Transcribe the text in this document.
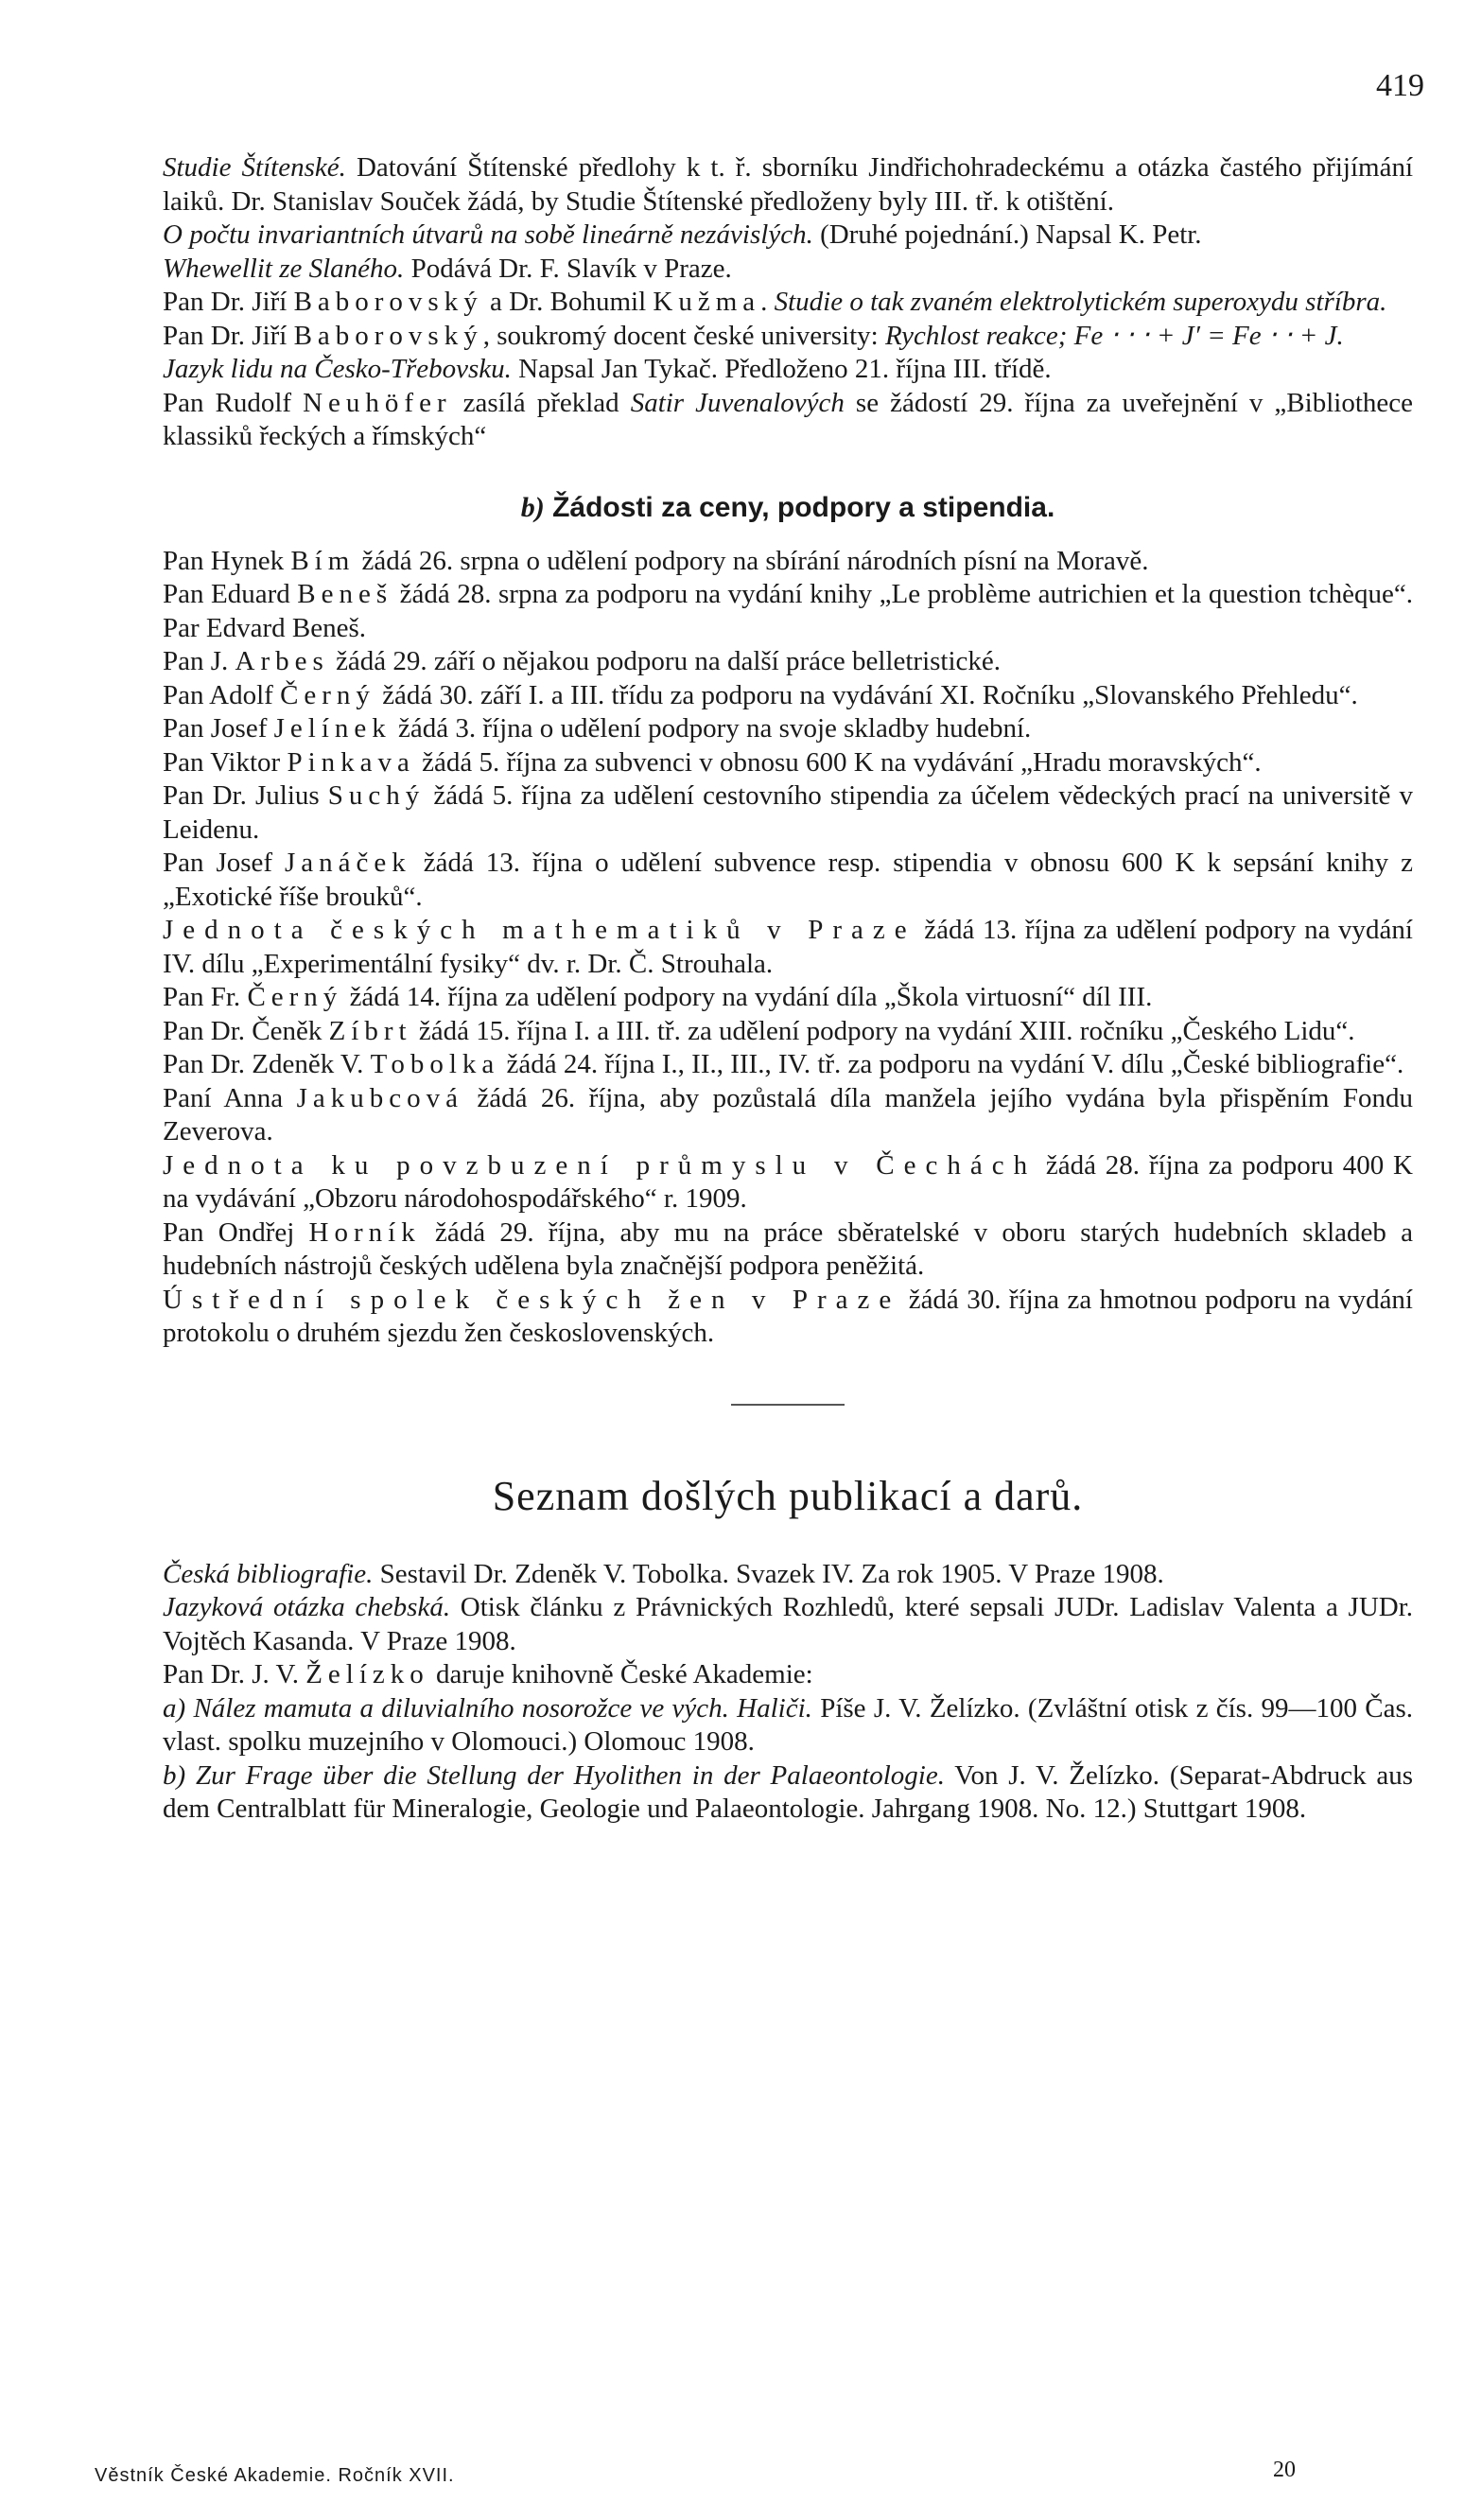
419

Studie Štítenské. Datování Štítenské předlohy k t. ř. sborníku Jindřichohradeckému a otázka častého přijímání laiků. Dr. Stanislav Souček žádá, by Studie Štítenské předloženy byly III. tř. k otištění.

O počtu invariantních útvarů na sobě lineárně nezávislých. (Druhé pojednání.) Napsal K. Petr.

Whewellit ze Slaného. Podává Dr. F. Slavík v Praze.

Pan Dr. Jiří Baborovský a Dr. Bohumil Kužma. Studie o tak zvaném elektrolytickém superoxydu stříbra.

Pan Dr. Jiří Baborovský, soukromý docent české university: Rychlost reakce; Fe ‧ ‧ ‧ + J′ = Fe ‧ ‧ + J.

Jazyk lidu na Česko-Třebovsku. Napsal Jan Tykač. Předloženo 21. října III. třídě.

Pan Rudolf Neuhöfer zasílá překlad Satir Juvenalových se žádostí 29. října za uveřejnění v „Bibliothece klassiků řeckých a římských“

b) Žádosti za ceny, podpory a stipendia.

Pan Hynek Bím žádá 26. srpna o udělení podpory na sbírání národních písní na Moravě.

Pan Eduard Beneš žádá 28. srpna za podporu na vydání knihy „Le problème autrichien et la question tchèque“. Par Edvard Beneš.

Pan J. Arbes žádá 29. září o nějakou podporu na další práce belletristické.

Pan Adolf Černý žádá 30. září I. a III. třídu za podporu na vydávání XI. Ročníku „Slovanského Přehledu“.

Pan Josef Jelínek žádá 3. října o udělení podpory na svoje skladby hudební.

Pan Viktor Pinkava žádá 5. října za subvenci v obnosu 600 K na vydávání „Hradu moravských“.

Pan Dr. Julius Suchý žádá 5. října za udělení cestovního stipendia za účelem vědeckých prací na universitě v Leidenu.

Pan Josef Janáček žádá 13. října o udělení subvence resp. stipendia v obnosu 600 K k sepsání knihy z „Exotické říše brouků“.

Jednota českých mathematiků v Praze žádá 13. října za udělení podpory na vydání IV. dílu „Experimentální fysiky“ dv. r. Dr. Č. Strouhala.

Pan Fr. Černý žádá 14. října za udělení podpory na vydání díla „Škola virtuosní“ díl III.

Pan Dr. Čeněk Zíbrt žádá 15. října I. a III. tř. za udělení podpory na vydání XIII. ročníku „Českého Lidu“.

Pan Dr. Zdeněk V. Tobolka žádá 24. října I., II., III., IV. tř. za podporu na vydání V. dílu „České bibliografie“.

Paní Anna Jakubcová žádá 26. října, aby pozůstalá díla manžela jejího vydána byla přispěním Fondu Zeverova.

Jednota ku povzbuzení průmyslu v Čechách žádá 28. října za podporu 400 K na vydávání „Obzoru národohospodářského“ r. 1909.

Pan Ondřej Horník žádá 29. října, aby mu na práce sběratelské v oboru starých hudebních skladeb a hudebních nástrojů českých udělena byla značnější podpora peněžitá.

Ústřední spolek českých žen v Praze žádá 30. října za hmotnou podporu na vydání protokolu o druhém sjezdu žen československých.

Seznam došlých publikací a darů.

Česká bibliografie. Sestavil Dr. Zdeněk V. Tobolka. Svazek IV. Za rok 1905. V Praze 1908.

Jazyková otázka chebská. Otisk článku z Právnických Rozhledů, které sepsali JUDr. Ladislav Valenta a JUDr. Vojtěch Kasanda. V Praze 1908.

Pan Dr. J. V. Želízko daruje knihovně České Akademie:

a) Nález mamuta a diluvialního nosorožce ve vých. Haliči. Píše J. V. Želízko. (Zvláštní otisk z čís. 99—100 Čas. vlast. spolku muzejního v Olomouci.) Olomouc 1908.

b) Zur Frage über die Stellung der Hyolithen in der Palaeontologie. Von J. V. Želízko. (Separat-Abdruck aus dem Centralblatt für Mineralogie, Geologie und Palaeontologie. Jahrgang 1908. No. 12.) Stuttgart 1908.

Věstník České Akademie. Ročník XVII.	20
